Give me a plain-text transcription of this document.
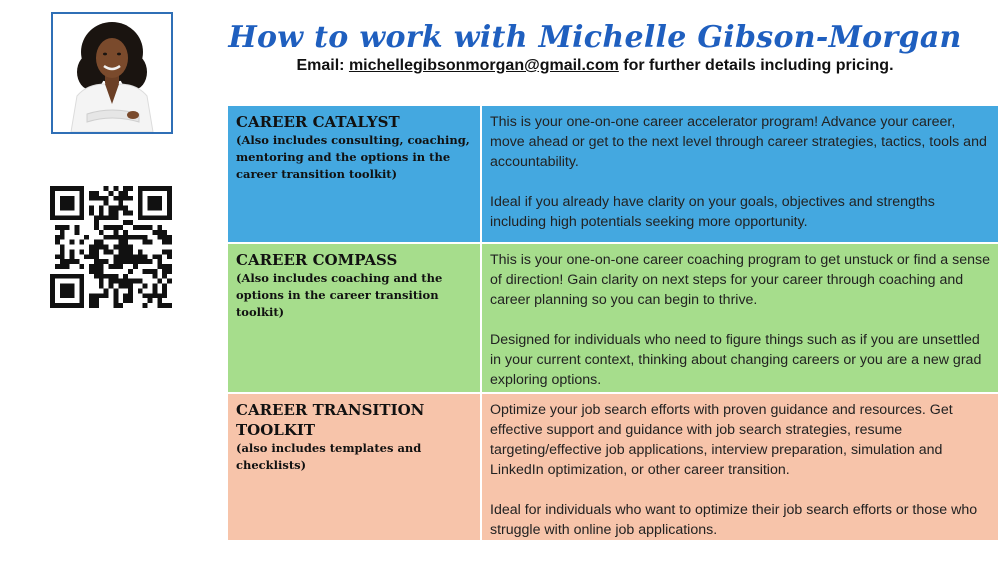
How to work with Michelle Gibson-Morgan
Email: michellegibsonmorgan@gmail.com for further details including pricing.
CAREER CATALYST
(Also includes consulting, coaching, mentoring and the options in the career transition toolkit)

This is your one-on-one career accelerator program! Advance your career, move ahead or get to the next level through career strategies, tactics, tools and accountability.

Ideal if you already have clarity on your goals, objectives and strengths including high potentials seeking more opportunity.

CAREER COMPASS
(Also includes coaching and the options in the career transition toolkit)

This is your one-on-one career coaching program to get unstuck or find a sense of direction! Gain clarity on next steps for your career through coaching and career planning so you can begin to thrive.

Designed for individuals who need to figure things such as if you are unsettled in your current context, thinking about changing careers or you are a new grad exploring options.

CAREER TRANSITION TOOLKIT
(also includes templates and checklists)

Optimize your job search efforts with proven guidance and resources. Get effective support and guidance with job search strategies, resume targeting/effective job applications, interview preparation, simulation and LinkedIn optimization, or other career transition.

Ideal for individuals who want to optimize their job search efforts or those who struggle with online job applications.
